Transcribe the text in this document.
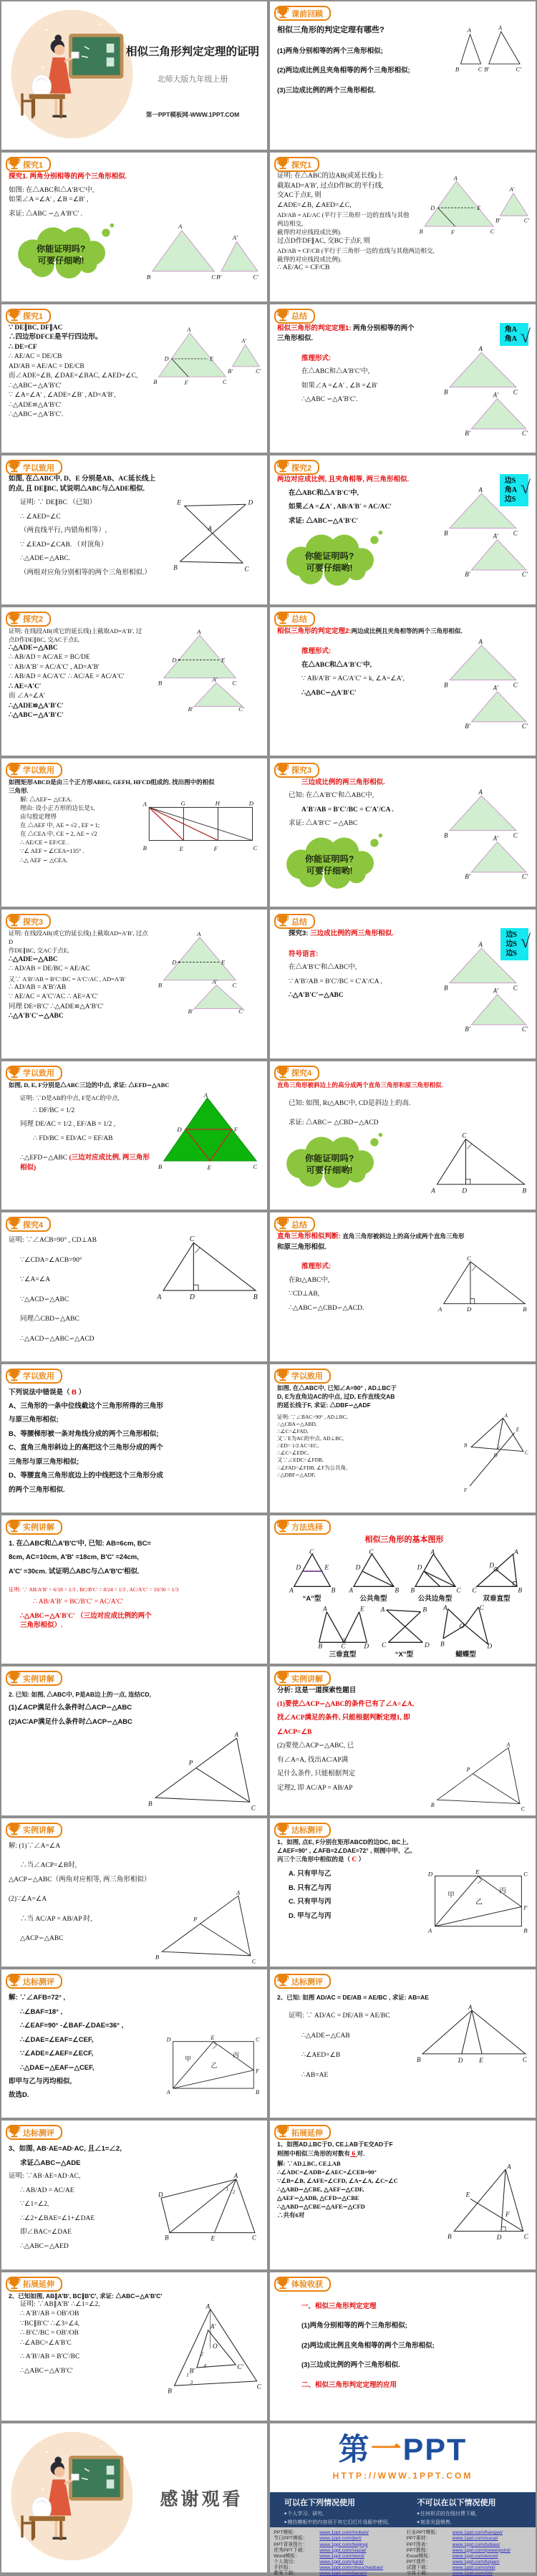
相似三角形判定定理的证明
北师大版九年级上册
第一PPT模板网-WWW.1PPT.COM
课前回顾
A
B	C
A
B′	C′
相似三角形的判定定理有哪些?
(1)两角分别相等的两个三角形相似;
(2)两边成比例且夹角相等的两个三角形相似;
(3)三边成比例的两个三角形相似.
探究1
探究1. 两角分别相等的两个三角形相似.
如图: 在△ABC和△A′B′C′中,
如果∠A =∠A′ , ∠B =∠B′ ,
求证: △ABC ∽△ A′B′C′ .
A
B	C
A′
B′	C′
你能证明吗?
可要仔细哟!
探究1
A
B	C
D	E
F
A′
B′	C′
证明: 在△ABC的边AB(或延长线)上
截取AD=A′B′, 过点D作BC的平行线,
交AC于点E, 则
∠ADE=∠B, ∠AED=∠C,
AD/AB = AE/AC (平行于三角形一边的直线与其他两边相交,
截得的对应线段成比例).
过点D作DF∥AC, 交BC于点F, 则
AD/AB = CF/CB (平行于三角形一边的直线与其他两边相交,
截得的对应线段成比例).
∴ AE/AC = CF/CB
探究1
A
B	C
D	E
F
A′
B′	C′
∵ DE∥BC, DF∥AC
∴四边形DFCE是平行四边形。
∴ DE=CF
∴ AE/AC = DE/CB
AD/AB = AE/AC = DE/CB
而∠ADE=∠B, ∠DAE=∠BAC, ∠AED=∠C,
∴△ABC∽△A′B′C′
∵ ∠A=∠A′ , ∠ADE=∠B′ , AD=A′B′,
∴△ADE≌△A′B′C′
∴△ABC∽△A′B′C′.
总结
相似三角形的判定定理1: 两角分别相等的两个
三角形相似.
A
B	C
A′
B′	C′
推理形式:
在△ABC和△A′B′C′中,
如果∠A =∠A′ , ∠B =∠B′
∴△ABC ∽△A′B′C′.
角A
角A √
学以致用
如图, 在△ABC中, D、E 分别是AB、AC延长线上
的点, 且 DE∥BC, 试说明△ABC与△ADE相似.
E	D
A
B	C
证明: ∵ DE∥BC （已知）
∴ ∠AED=∠C
（两直线平行, 内错角相等）,
∵ ∠EAD=∠CAB. （对顶角）
∴△ADE∽△ABC.
（两组对应角分别相等的两个三角形相似.）
探究2
两边对应成比例, 且夹角相等, 两三角形相似.
A
B	C
A′
B′	C′
在△ABC和△A′B′C′中,
如果∠A =∠A′ , AB/A′B′ = AC/AC′
求证: △ABC∽△A′B′C′
你能证明吗?
可要仔细哟!
边S
角A
边S
√
探究2
A
B	C
D	E
A′
B′	C′
证明: 在线段AB(或它的延长线)上截取AD=A′B′, 过
点D作DE∥BC, 交AC于点E,
∴△ADE∽△ABC
∴ AB/AD = AC/AE = BC/DE
∵ AB/A′B′ = AC/A′C′ , AD=A′B′
∴ AB/AD = AC/A′C′ ∴ AC/AE = AC/A′C′
∴ AE=A′C′
而 ∠A=∠A′
∴△ADE≌△A′B′C′
∴△ABC∽△A′B′C′
总结
相似三角形的判定定理2:两边成比例且夹角相等的两个三角形相似.
A
B	C
A′
B′	C′
推理形式:
在△ABC和△A′B′C′中,
∵ AB/A′B′ = AC/A′C′ = k, ∠A=∠A′,
∴△ABC∽△A′B′C′
学以致用
如图矩形ABCD是由三个正方形ABEG, GEFH, HFCD组成的, 找出图中的相似
三角形.
A	G	H	D
B	E	F	C
解: △AEF∽ △CEA.
理由: 设小正方形的边长是1,
由勾股定理得
在 △AEF 中, AE = √2 , EF = 1;
在 △CEA 中, CE = 2, AE = √2
∴ AE/CE = EF/CE .
∵∠ AEF = ∠CEA=135° .
∴△ AEF ∽ △CEA.
探究3
三边成比例的两三角形相似.
A
B	C
A′
B′	C′
已知: 在△A′B′C′和△ABC中,
A′B′/AB = B′C′/BC = C′A′/CA .
求证: △A′B′C′ ∽△ABC
你能证明吗?
可要仔细哟!
探究3
A
B	C
D	E
A′
B′	C′
证明: 在线段AB(或它的延长线)上截取AD=A′B′, 过点D
作DE∥BC, 交AC于点E,
∴△ADE∽△ABC
∴ AD/AB = DE/BC = AE/AC
又∵ A′B′/AB = B′C′/BC = A′C′/AC , AD=A′B′
∴ AD/AB = A′B′/AB
∵ AE/AC = A′C′/AC ∴ AE=A′C′
同理 DE=B′C′ ∴△ADE≌△A′B′C′
∴△A′B′C′∽△ABC
总结
探究3: 三边成比例的两三角形相似.
A
B	C
A′
B′	C′
符号语言:
在△A′B′C′和△ABC中,
∵ A′B′/AB = B′C′/BC = C′A′/CA ,
∴△A′B′C′∽△ABC
边S
边S
边S
√
学以致用
如图, D, E, F分别是△ABC三边的中点, 求证: △EFD∽△ABC
A
B	C
D	F
E
证明: ∵D是AB的中点, F是AC的中点,
∴ DF/BC = 1/2
同理 DE/AC = 1/2 , EF/AB = 1/2 ,
∴ FD/BC = ED/AC = EF/AB
∴△EFD∽△ABC (三边对应成比例, 两三角形相似)
探究4
直角三角形被斜边上的高分成两个直角三角形和原三角形相似.
已知: 如图, Rt△ABC中, CD是斜边上的高.
求证: △ABC∽ △CBD∽△ACD
C
A	D	B
你能证明吗?
可要仔细哟!
探究4
C
A	D	B
证明: ∵∠ACB=90° , CD⊥AB
∵∠CDA=∠ACB=90°
∵∠A=∠A
∵△ACD∽△ABC
同理△CBD∽△ABC
∴△ACD∽△ABC∽△ACD
总结
直角三角形相似判断: 直角三角形被斜边上的高分成两个直角三角形
和原三角形相似.
C
A	D	B
推理形式:
在Rt△ABC中,
∵CD⊥AB,
∴△ABC∽△CBD∽△ACD.
学以致用
下列说法中错误是（ B ）
A、三角形的一条中位线截这个三角形所得的三角形
与原三角形相似;
B、等腰梯形被一条对角线分成的两个三角形相似;
C、直角三角形斜边上的高把这个三角形分成的两个
三角形与原三角形相似;
D、等腰直角三角形底边上的中线把这个三角形分成
的两个三角形相似.
学以致用
如图, 在△ABC中, 已知∠A=90° , AD⊥BC于
D, E为直角边AC的中点, 过D, E作直线交AB
的延长线于F, 求证: △DBF∽△ADF
A
E
B
C
D
F
证明: ∵∠BAC=90° , AD⊥BC,
∴△CBA∽△ABD,
∴∠C=∠FAD,
又∵E为AC的中点, AD⊥BC,
∴ED= 1/2 AC=EC,
∴∠C=∠EDC,
又∵∠EDC=∠FDB,
∴∠FAD=∠FDB, ∠F为公共角,
∴△DBF∽△ADF,
实例讲解
1. 在△ABC和△A′B′C′中, 已知: AB=6cm, BC=
8cm, AC=10cm, A′B′ =18cm, B′C′ =24cm,
A′C′ =30cm. 试证明△ABC与△A′B′C′相似.
证明: ∵ AB/A′B′ = 6/18 = 1/3 , BC/B′C′ = 8/24 = 1/3 , AC/A′C′ = 10/30 = 1/3
∴ AB/A′B′ = BC/B′C′ = AC/A′C′
∴△ABC∽△A′B′C′ （三边对应成比例的两个
三角形相似）.
方法选择
相似三角形的基本图形
C
D	E
A	B
“A”型
C
D
A	B
公共角型
A
D
B	C
公共边角型
A
D
C	B
双垂直型
A	E
B	C	D
三垂直型
A	B
C	D
“X”型
A	C
O
B	D
蝴蝶型
实例讲解
2. 已知: 如图, △ABC中, P是AB边上的一点, 连结CD,
(1)∠ACP满足什么条件时△ACP∽△ABC
(2)AC∶AP满足什么条件时△ACP∽△ABC
A
P
B
C
实例讲解
分析: 这是一道探索性题目
(1)要使△ACP∽△ABC的条件已有了∠A=∠A,
找∠ACP满足的条件, 只能根据判断定理1, 即
∠ACP=∠B
A
P
B
C
(2)要使△ACP∽△ABC, 已
有∠A=A, 找出AC∶AP满
足什么条件, 只能根据判定
定理2, 即 AC/AP = AB/AP
实例讲解
解: (1)∵∠A=∠A
∴当∠ACP=∠B时,
△ACP∽△ABC（两角对应相等, 两三角形相似）
A
P
B
C
(2)∵∠A=∠A
∴当 AC/AP = AB/AP 时,
△ACP∽△ABC
达标测评
1、如图, 点E, F分别在矩形ABCD的边DC, BC上,
∠AEF=90° , ∠AFB=2∠DAE=72° , 则图中甲、乙、
丙三个三角形中相似的是（ C ）
D	E	C
A	B
F
甲
乙
丙
A. 只有甲与乙
B. 只有乙与丙
C. 只有甲与丙
D. 甲与乙与丙
达标测评
解: ∵∠AFB=72° ,
∴∠BAF=18° ,
∴∠EAF=90° -∠BAF-∠DAE=36° ,
D	E	C
A	B
F
甲
乙
丙
∴∠DAE=∠EAF=∠CEF,
∵∠ADE=∠AEF=∠ECF,
∴△DAE∽△EAF∽△CEF,
即甲与乙与丙均相似,
故选D.
达标测评
2、已知: 如图 AD/AC = DE/AB = AE/BC , 求证: AB=AE
A
B	D	E	C
证明: ∵ AD/AC = DE/AB = AE/BC
∴△ADE∽△CAB
∴∠AED=∠B
∴AB=AE
达标测评
3、如图, AB·AE=AD·AC, 且∠1=∠2,
求证△ABC∽△ADE
A
D
B	E	C
1
2
证明: ∵AB·AE=AD·AC,
∴ AB/AD = AC/AE
∵∠1=∠2,
∴∠2+∠BAE=∠1+∠DAE
即∠BAC=∠DAE
∴△ABC∽△AED
拓展延伸
1、如图AD⊥BC于D, CE⊥AB于E交AD于F
则图中相似三角形的对数有 6 对.
A
E
F
B	D	C
解: ∵AD⊥BC, CE⊥AB
∴∠ADC=∠ADB=∠AEC=∠CEB=90°
∵∠B=∠B, ∠AFE=∠CFD, ∠A=∠A, ∠C=∠C
∴△ABD∽△CBE, △AEF∽△CDF,
△AEF∽△ADB, △CFD∽△CBE
∴△ABD∽△CBE∽△AFE∽△CFD
∴共有6对
拓展延伸
2、已知如图, AB∥A′B′, BC∥B′C′, 求证: △ABC∽△A′B′C′
A
A′
O
B′
C′
B
C
1
2
3
4
证明: ∵AB∥A′B′ ∴∠1=∠2,
∴ A′B′/AB = OB′/OB
∵BC∥B′C′ ∴∠3=∠4,
∴ B′C′/BC = OB′/OB
∴∠ABC=∠A′B′C
∴ A′B′/AB = B′C′/BC
∴△ABC∽△A′B′C′
体验收获
一、相似三角形判定定理
(1)两角分别相等的两个三角形相似;
(2)两边成比例且夹角相等的两个三角形相似;
(3)三边成比例的两个三角形相似.
二、相似三角形判定定理的应用
感谢观看
第一PPT
HTTP://WWW.1PPT.COM
可以在下列情况使用
■ 个人学习、研究,
■ 模仿模板中的内容用于其它幻灯片母版中使用,
不可以在以下情况使用
■ 任何形式的在线付费下载,
■ 刻录光盘销售,
PPT模板：	www.1ppt.com/moban/
节日PPT模板：	www.1ppt.com/jieri/
PPT背景图片：	www.1ppt.com/beijing/
优秀PPT下载：	www.1ppt.com/xiazai/
Word模板：	www.1ppt.com/word/
个人简历：	www.1ppt.com/jianli/
手抄报：	www.1ppt.com/shouchaobao/
教案下载：	www.1ppt.com/jiaoan/
行业PPT模板：	www.1ppt.com/hangye/
PPT素材：	www.1ppt.com/sucai/
PPT图表：	www.1ppt.com/tubiao/
PPT教程：	www.1ppt.com/powerpoint/
Excel模板：	www.1ppt.com/excel/
PPT课件：	www.1ppt.com/kejian/
试题下载：	www.1ppt.com/shiti/
字体下载：	www.1ppt.com/ziti/
